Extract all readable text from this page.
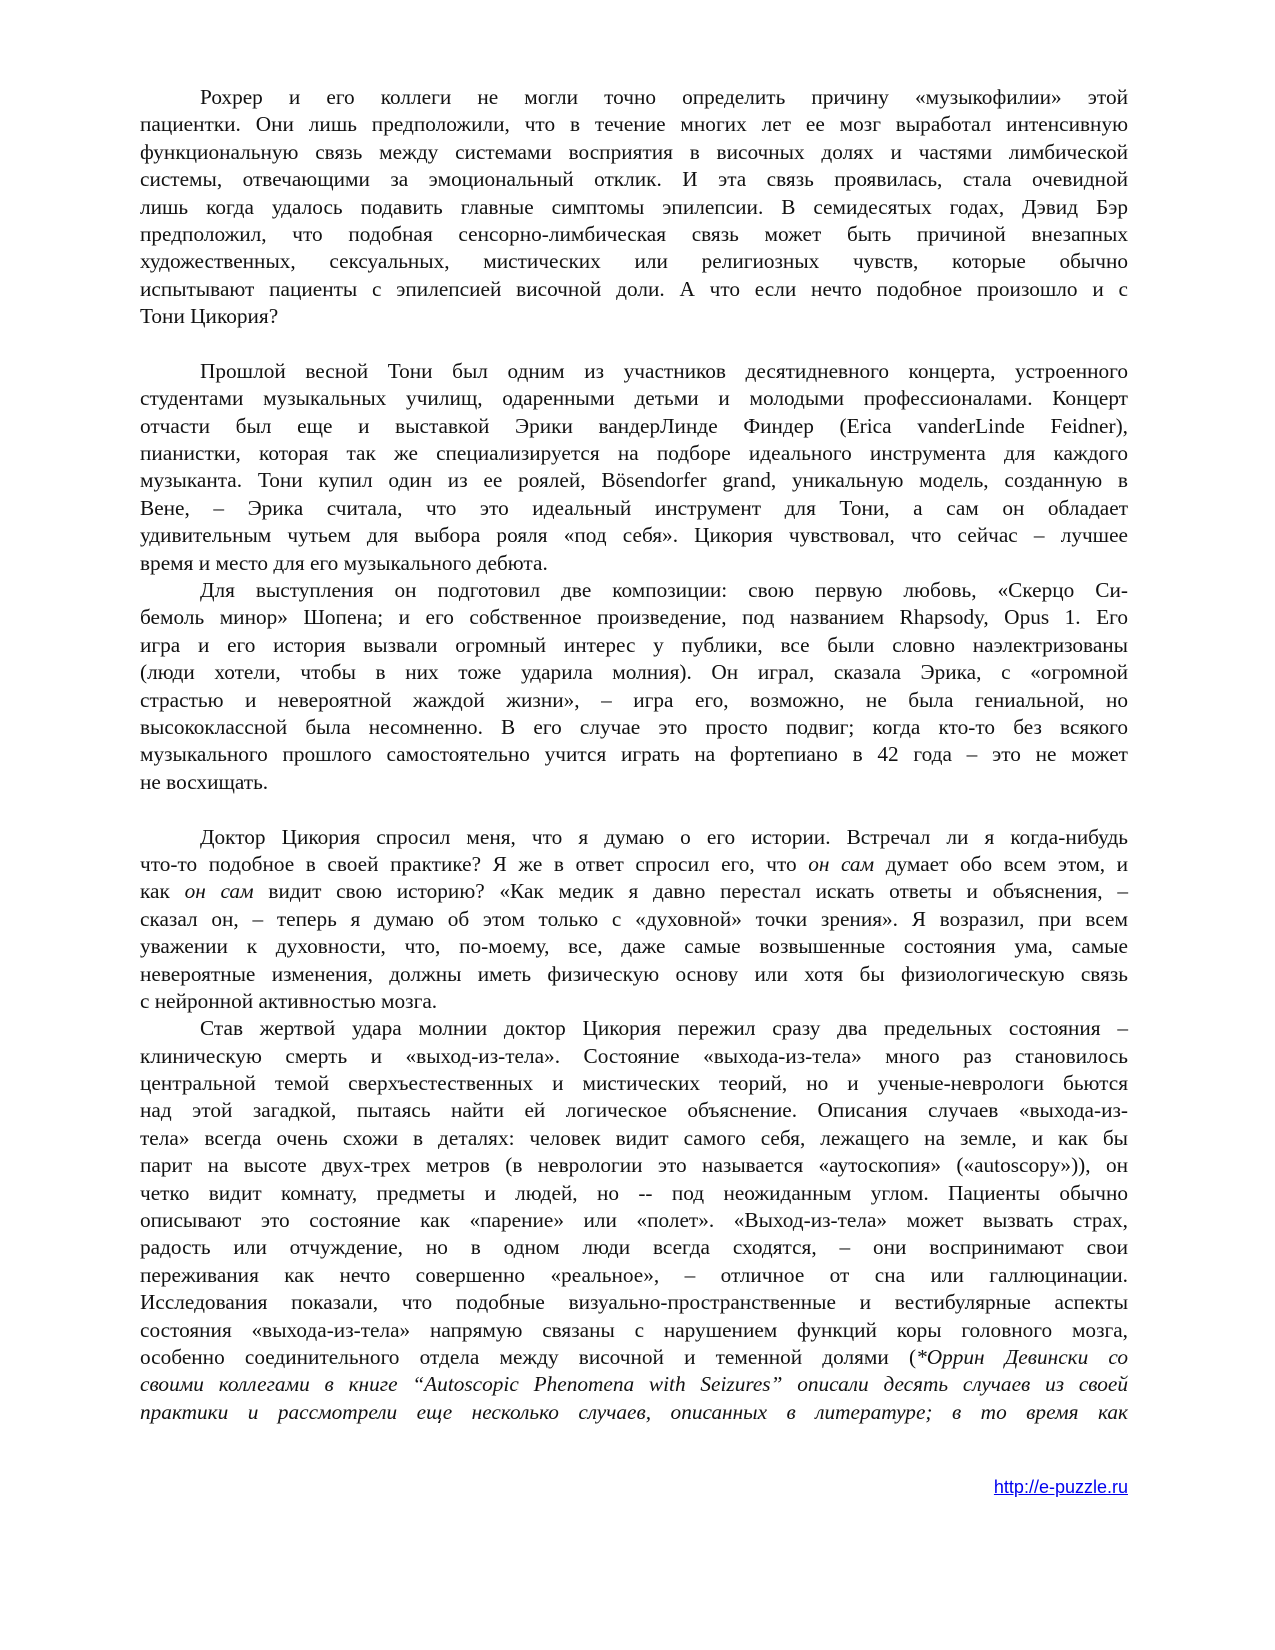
Рохрер и его коллеги не могли точно определить причину «музыкофилии» этой
пациентки. Они лишь предположили, что в течение многих лет ее мозг выработал интенсивную
функциональную связь между системами восприятия в височных долях и частями лимбической
системы, отвечающими за эмоциональный отклик. И эта связь проявилась, стала очевидной
лишь когда удалось подавить главные симптомы эпилепсии. В семидесятых годах, Дэвид Бэр
предположил, что подобная сенсорно-лимбическая связь может быть причиной внезапных
художественных, сексуальных, мистических или религиозных чувств, которые обычно
испытывают пациенты с эпилепсией височной доли. А что если нечто подобное произошло и с
Тони Цикория?
Прошлой весной Тони был одним из участников десятидневного концерта, устроенного
студентами музыкальных училищ, одаренными детьми и молодыми профессионалами. Концерт
отчасти был еще и выставкой Эрики вандерЛинде Финдер (Erica vanderLinde Feidner),
пианистки, которая так же специализируется на подборе идеального инструмента для каждого
музыканта. Тони купил один из ее роялей, Bösendorfer grand, уникальную модель, созданную в
Вене, – Эрика считала, что это идеальный инструмент для Тони, а сам он обладает
удивительным чутьем для выбора рояля «под себя». Цикория чувствовал, что сейчас – лучшее
время и место для его музыкального дебюта.
Для выступления он подготовил две композиции: свою первую любовь, «Скерцо Си-
бемоль минор» Шопена; и его собственное произведение, под названием Rhapsody, Opus 1. Его
игра и его история вызвали огромный интерес у публики, все были словно наэлектризованы
(люди хотели, чтобы в них тоже ударила молния). Он играл, сказала Эрика, с «огромной
страстью и невероятной жаждой жизни», – игра его, возможно, не была гениальной, но
высококлассной была несомненно. В его случае это просто подвиг; когда кто-то без всякого
музыкального прошлого самостоятельно учится играть на фортепиано в 42 года – это не может
не восхищать.
Доктор Цикория спросил меня, что я думаю о его истории. Встречал ли я когда-нибудь
что-то подобное в своей практике? Я же в ответ спросил его, что он сам думает обо всем этом, и
как он сам видит свою историю? «Как медик я давно перестал искать ответы и объяснения, –
сказал он, – теперь я думаю об этом только с «духовной» точки зрения». Я возразил, при всем
уважении к духовности, что, по-моему, все, даже самые возвышенные состояния ума, самые
невероятные изменения, должны иметь физическую основу или хотя бы физиологическую связь
с нейронной активностью мозга.
Став жертвой удара молнии доктор Цикория пережил сразу два предельных состояния –
клиническую смерть и «выход-из-тела». Состояние «выхода-из-тела» много раз становилось
центральной темой сверхъестественных и мистических теорий, но и ученые-неврологи бьются
над этой загадкой, пытаясь найти ей логическое объяснение. Описания случаев «выхода-из-
тела» всегда очень схожи в деталях: человек видит самого себя, лежащего на земле, и как бы
парит на высоте двух-трех метров (в неврологии это называется «аутоскопия» («autoscopy»)), он
четко видит комнату, предметы и людей, но -- под неожиданным углом. Пациенты обычно
описывают это состояние как «парение» или «полет». «Выход-из-тела» может вызвать страх,
радость или отчуждение, но в одном люди всегда сходятся, – они воспринимают свои
переживания как нечто совершенно «реальное», – отличное от сна или галлюцинации.
Исследования показали, что подобные визуально-пространственные и вестибулярные аспекты
состояния «выхода-из-тела» напрямую связаны с нарушением функций коры головного мозга,
особенно соединительного отдела между височной и теменной долями (*Оррин Девински со
своими коллегами в книге “Autoscopic Phenomena with Seizures” описали десять случаев из своей
практики и рассмотрели еще несколько случаев, описанных в литературе; в то время как
http://e-puzzle.ru
